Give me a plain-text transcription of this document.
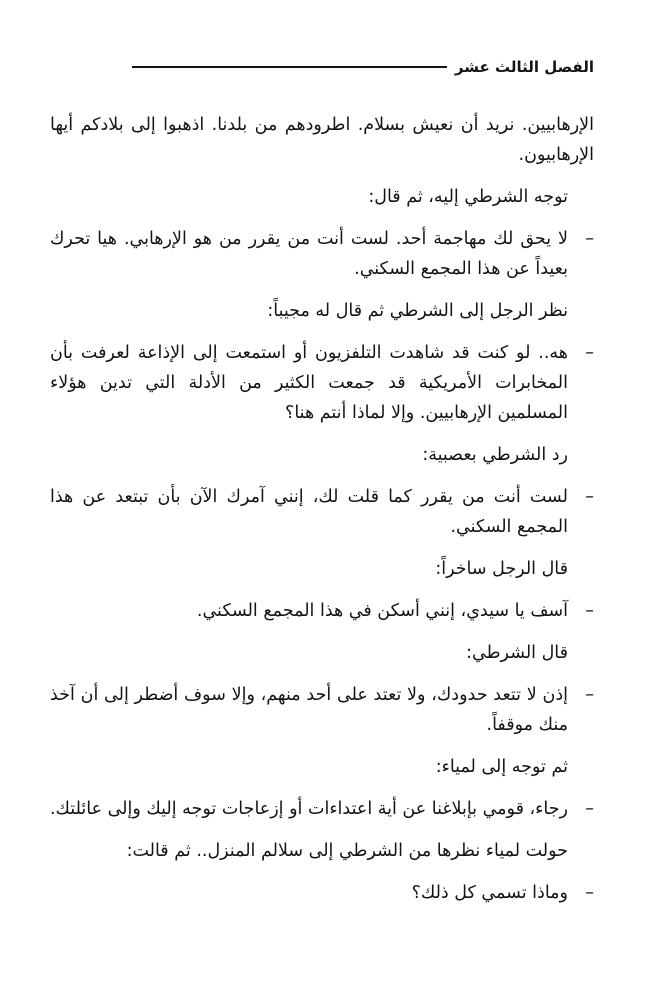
الفصل الثالث عشر

الإرهابيين. نريد أن نعيش بسلام. اطرودهم من بلدنا. اذهبوا إلى بلادكم أيها الإرهابيون.

توجه الشرطي إليه، ثم قال:

–
لا يحق لك مهاجمة أحد. لست أنت من يقرر من هو الإرهابي. هيا تحرك بعيداً عن هذا المجمع السكني.

نظر الرجل إلى الشرطي ثم قال له مجيباً:

–
هه.. لو كنت قد شاهدت التلفزيون أو استمعت إلى الإذاعة لعرفت بأن المخابرات الأمريكية قد جمعت الكثير من الأدلة التي تدين هؤلاء المسلمين الإرهابيين. وإلا لماذا أنتم هنا؟

رد الشرطي بعصبية:

–
لست أنت من يقرر كما قلت لك، إنني آمرك الآن بأن تبتعد عن هذا المجمع السكني.

قال الرجل ساخراً:

–
آسف يا سيدي، إنني أسكن في هذا المجمع السكني.

قال الشرطي:

–
إذن لا تتعد حدودك، ولا تعتد على أحد منهم، وإلا سوف أضطر إلى أن آخذ منك موقفاً.

ثم توجه إلى لمياء:

–
رجاء، قومي بإبلاغنا عن أية اعتداءات أو إزعاجات توجه إليك وإلى عائلتك.

حولت لمياء نظرها من الشرطي إلى سلالم المنزل.. ثم قالت:

–
وماذا تسمي كل ذلك؟
